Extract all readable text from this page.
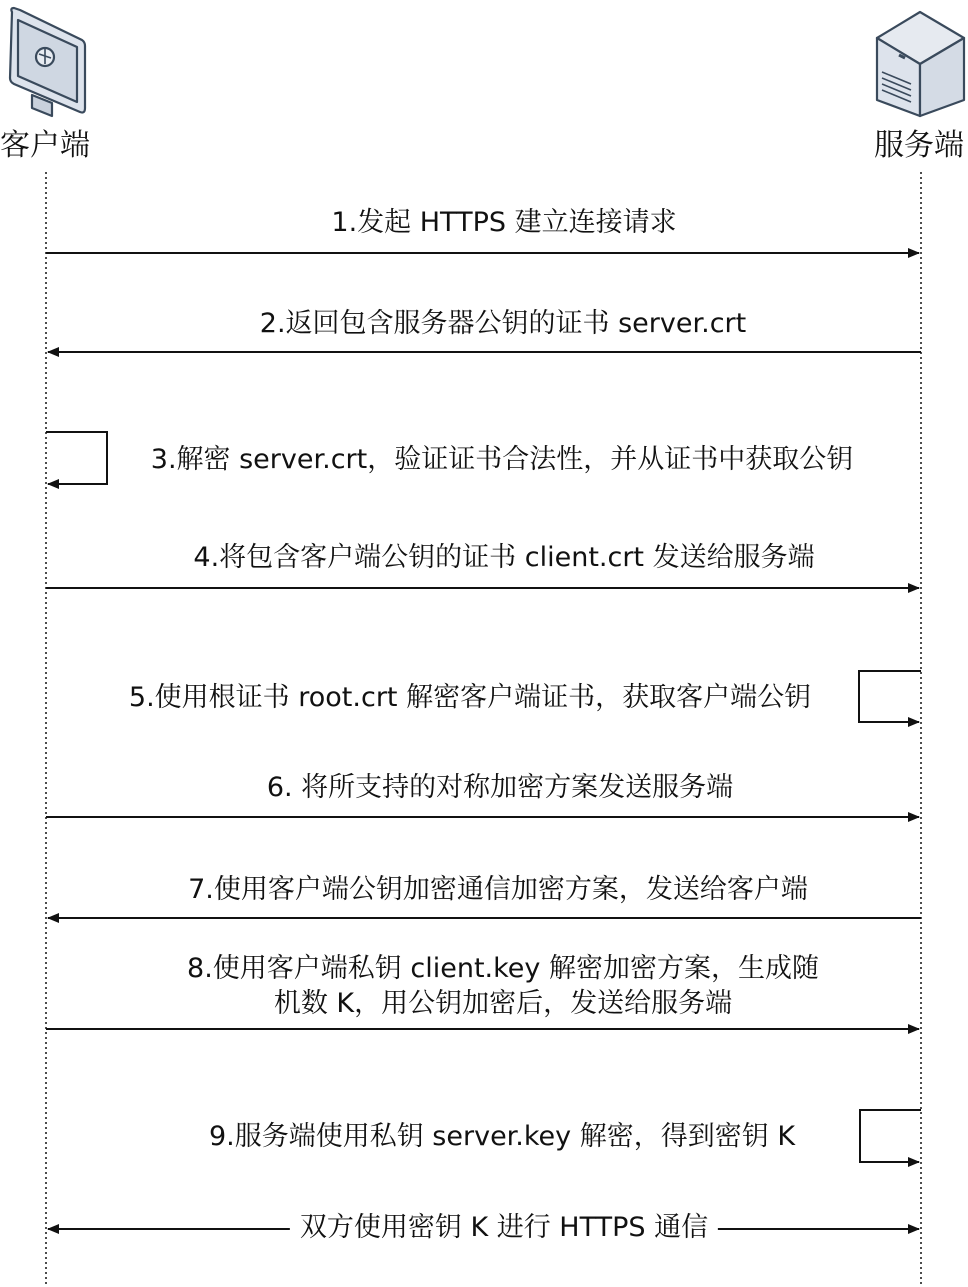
客户端	服务端
1.发起 HTTPS 建立连接请求
2.返回包含服务器公钥的证书 server.crt
3.解密 server.crt，验证证书合法性，并从证书中获取公钥
4.将包含客户端公钥的证书 client.crt 发送给服务端
5.使用根证书 root.crt 解密客户端证书，获取客户端公钥
6. 将所支持的对称加密方案发送服务端
7.使用客户端公钥加密通信加密方案，发送给客户端
8.使用客户端私钥 client.key 解密加密方案，生成随
机数 K，用公钥加密后，发送给服务端
9.服务端使用私钥 server.key 解密，得到密钥 K
双方使用密钥 K 进行 HTTPS 通信
